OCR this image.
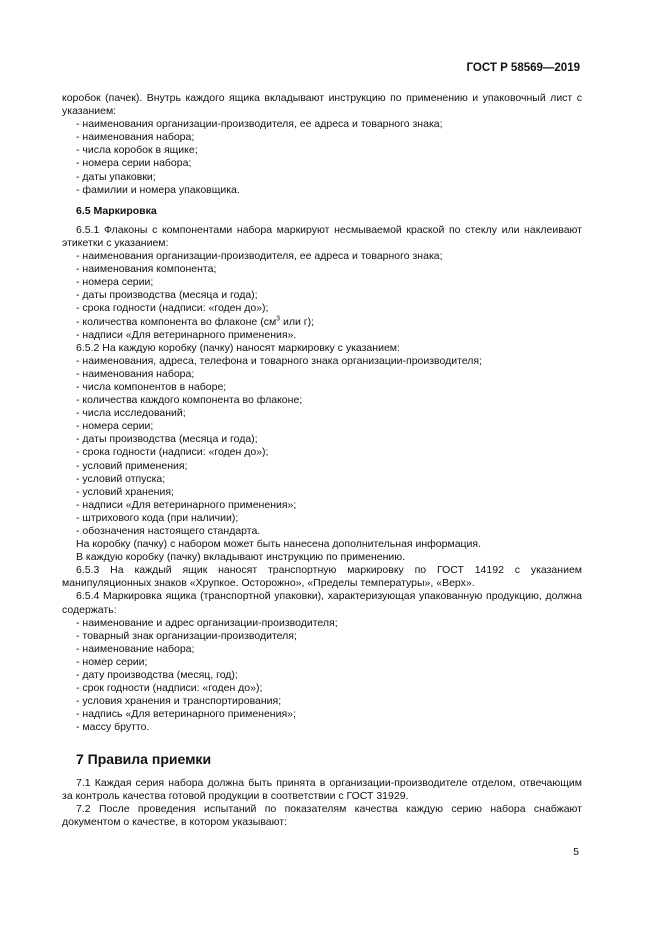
ГОСТ Р 58569—2019

коробок (пачек). Внутрь каждого ящика вкладывают инструкцию по применению и упаковочный лист с указанием:

- наименования организации-производителя, ее адреса и товарного знака;

- наименования набора;

- числа коробок в ящике;

- номера серии набора;

- даты упаковки;

- фамилии и номера упаковщика.

6.5 Маркировка

6.5.1 Флаконы с компонентами набора маркируют несмываемой краской по стеклу или наклеивают этикетки с указанием:

- наименования организации-производителя, ее адреса и товарного знака;

- наименования компонента;

- номера серии;

- даты производства (месяца и года);

- срока годности (надписи: «годен до»);

- количества компонента во флаконе ($см^3$ или г);

- надписи «Для ветеринарного применения».

6.5.2 На каждую коробку (пачку) наносят маркировку с указанием:

- наименования, адреса, телефона и товарного знака организации-производителя;

- наименования набора;

- числа компонентов в наборе;

- количества каждого компонента во флаконе;

- числа исследований;

- номера серии;

- даты производства (месяца и года);

- срока годности (надписи: «годен до»);

- условий применения;

- условий отпуска;

- условий хранения;

- надписи «Для ветеринарного применения»;

- штрихового кода (при наличии);

- обозначения настоящего стандарта.

На коробку (пачку) с набором может быть нанесена дополнительная информация.

В каждую коробку (пачку) вкладывают инструкцию по применению.

6.5.3 На каждый ящик наносят транспортную маркировку по ГОСТ 14192 с указанием манипуляционных знаков «Хрупкое. Осторожно», «Пределы температуры», «Верх».

6.5.4 Маркировка ящика (транспортной упаковки), характеризующая упакованную продукцию, должна содержать:

- наименование и адрес организации-производителя;

- товарный знак организации-производителя;

- наименование набора;

- номер серии;

- дату производства (месяц, год);

- срок годности (надписи: «годен до»);

- условия хранения и транспортирования;

- надпись «Для ветеринарного применения»;

- массу брутто.

7 Правила приемки

7.1 Каждая серия набора должна быть принята в организации-производителе отделом, отвечающим за контроль качества готовой продукции в соответствии с ГОСТ 31929.

7.2 После проведения испытаний по показателям качества каждую серию набора снабжают документом о качестве, в котором указывают:

5
